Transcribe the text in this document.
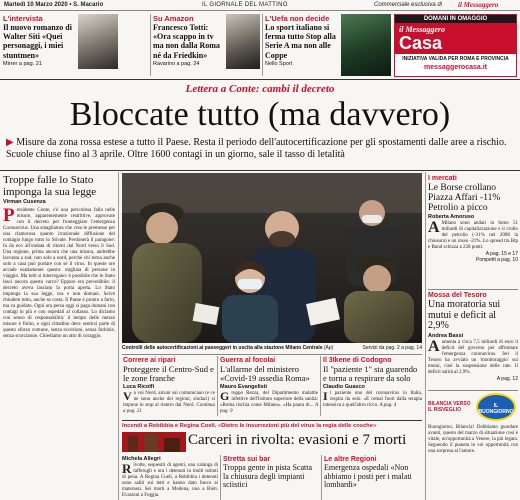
Martedì 10 Marzo 2020 • S. Macario	IL GIORNALE DEL MATTINO	Commerciale esclusiva di il Messaggero
L'intervista
Il nuovo romanzo di Walter Siti «Quei personaggi, i miei stuntmen»
Mirrer a pag. 21
Su Amazon
Francesco Totti: «Ora scappo in tv ma non dalla Roma né da Friedkin»
Ravarino a pag. 24
L'Uefa non decide
Lo sport italiano si ferma tutto Stop alla Serie A ma non alle Coppe
Nello Sport
DOMANI IN OMAGGIO
il Messaggero
Casa
INIZIATIVA VALIDA PER ROMA E PROVINCIA
messaggerocasa.it
Lettera a Conte: cambi il decreto
Bloccate tutto (ma davvero)
▶ Misure da zona rossa estese a tutto il Paese. Resta il periodo dell'autocertificazione per gli spostamenti dalle aree a rischio. Scuole chiuse fino al 3 aprile. Oltre 1600 contagi in un giorno, sale il tasso di letalità
Troppe falle lo Stato imponga la sua legge
Virman Cusenza
P residente Conte, c'è una pericolosa falla nelle misure, apparentemente restrittive, approvate con il decreto per fronteggiare l'emergenza Coronavirus. Una smagliatura che crea le premesse per una clamorosa quanto irrazionale diffusione del contagio lungo tutto lo Stivale. Perdonerà il paragone: fa da eco all'ondata di ritorni dal Nord verso il Sud. Una regione, prima ancora che una misura, andrebbe lavorata a sud, non solo a nord, perché chi torna anche solo a casa può portare con sé il virus. In queste ore accade esattamente questo: migliaia di persone in viaggio. Ma tutti si interrogano: è possibile che lo Stato lasci ancora questo varco? Eppure era prevedibile: il decreto aveva lasciato la porta aperta. Lo Stato imponga la sua legge, ora e non domani. Serve chiudere tutto, anche se costa. Il Paese è pronto a farlo, ma va guidato. Ogni ora persa oggi si paga domani con contagi in più e con ospedali al collasso. Lo diciamo con senso di responsabilità: il tempo delle mezze misure è finito, e ogni cittadino deve sentirsi parte di questo sforzo comune, senza eccezioni, senza furbizie, senza scorciatoie. Chiediamo un atto di coraggio.
Controlli delle autocertificazioni ai passeggeri in uscita alla stazione Milano Centrale (Ap)	Servizi da pag. 2 a pag. 14
I mercati
Le Borse crollano Piazza Affari -11% Petrolio a picco
Roberta Amoruso
A Milano sono andati in fumo 51 miliardi di capitalizzazione e il crollo del petrolio (-31% nel 2008 la chiusura) e un rosso -21%. Lo spread tra Btp e Bund schizza a 228 punti.
A pag. 15 e 17
Pompetti a pag. 10
Mossa del Tesoro
Una moratoria sui mutui e deficit al 2,9%
Andrea Bassi
A umenta a circa 7,5 miliardi di euro il deficit del governo per affrontare l'emergenza coronavirus. Ieri il Tesoro ha avviato un 'monitoraggio' sui mutui, cioè la sospensione delle rate. Il deficit salirà al 2,9%.
A pag. 12
Correre ai ripari
Proteggere il Centro-Sud e le zone franche
Luca Ricolfi
V a voi Nord, alcuni sui comunicano (e ce ne sono anche dei regioni, sindaci) si impone lo stop al rientro dal Nord. Continua a pag. 21
Guerra al focolai
L'allarme del ministero «Covid-19 assedia Roma»
Mauro Evangelisti
G ruppo Rezza, del Dipartimento malattie infettive dell'Istituto superiore della sanità: «Roma rischia come Milano». «Ha paura di... A pag. 9
Il 3Ikene di Codogno
Il "paziente 1" sta guarendo e torna a respirare da solo
Claudio Guasco
I l paziente uno del coronavirus in Italia, respira da solo. «E ormai fuori dalla terapia intensiva a quell'altro ricco. A pag. 4
Incendi a Rebibbia e Regina Coeli. «Dietro le insurrezioni più del virus la regia delle cosche»
Carceri in rivolta: evasioni e 7 morti
Michela Allegri
R ivolte, sequestri di agenti, una valanga di tafferugli e ora i detenuti in molti istituti di pena. A Regina Coeli, a Rebibbia i detenuti sono saliti sui tetti e hanno dato fuoco ai materassi. Sei morti a Modena, uno a Rieti. Evasioni a Foggia.
Stretta sui bar
Troppa gente in pista Scatta la chiusura degli impianti sciistici
Le altre Regioni
Emergenza ospedali «Non abbiamo i posti per i malati lombardi»
BILANCIA VERSO IL RISVEGLIO
IL BUONGIORNO
Buongiorno, Bilancia! Dobbiamo guardare avanti, questo del marzo di situazione così è vitale, un'opportunità a Venere, la più legata. Seguendo il pianeta in voi opportunità con una sorpresa al l'amore.
